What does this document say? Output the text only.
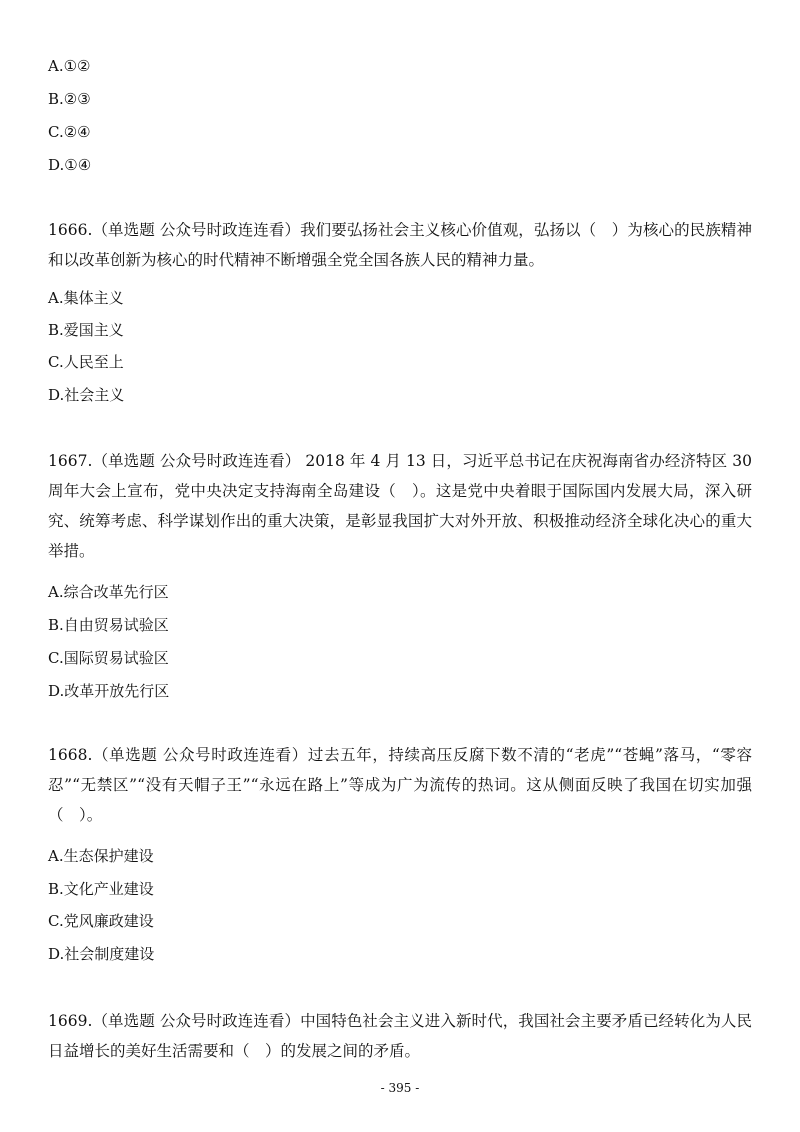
A.①②
B.②③
C.②④
D.①④
1666.（单选题 公众号时政连连看）我们要弘扬社会主义核心价值观，弘扬以（　）为核心的民族精神和以改革创新为核心的时代精神不断增强全党全国各族人民的精神力量。
A.集体主义
B.爱国主义
C.人民至上
D.社会主义
1667.（单选题 公众号时政连连看） 2018 年 4 月 13 日，习近平总书记在庆祝海南省办经济特区 30 周年大会上宣布，党中央决定支持海南全岛建设（　）。这是党中央着眼于国际国内发展大局，深入研究、统筹考虑、科学谋划作出的重大决策，是彰显我国扩大对外开放、积极推动经济全球化决心的重大举措。
A.综合改革先行区
B.自由贸易试验区
C.国际贸易试验区
D.改革开放先行区
1668.（单选题 公众号时政连连看）过去五年，持续高压反腐下数不清的“老虎”“苍蝇”落马，“零容忍”“无禁区”“没有天帽子王”“永远在路上”等成为广为流传的热词。这从侧面反映了我国在切实加强（　）。
A.生态保护建设
B.文化产业建设
C.党风廉政建设
D.社会制度建设
1669.（单选题 公众号时政连连看）中国特色社会主义进入新时代，我国社会主要矛盾已经转化为人民日益增长的美好生活需要和（　）的发展之间的矛盾。
- 395 -
